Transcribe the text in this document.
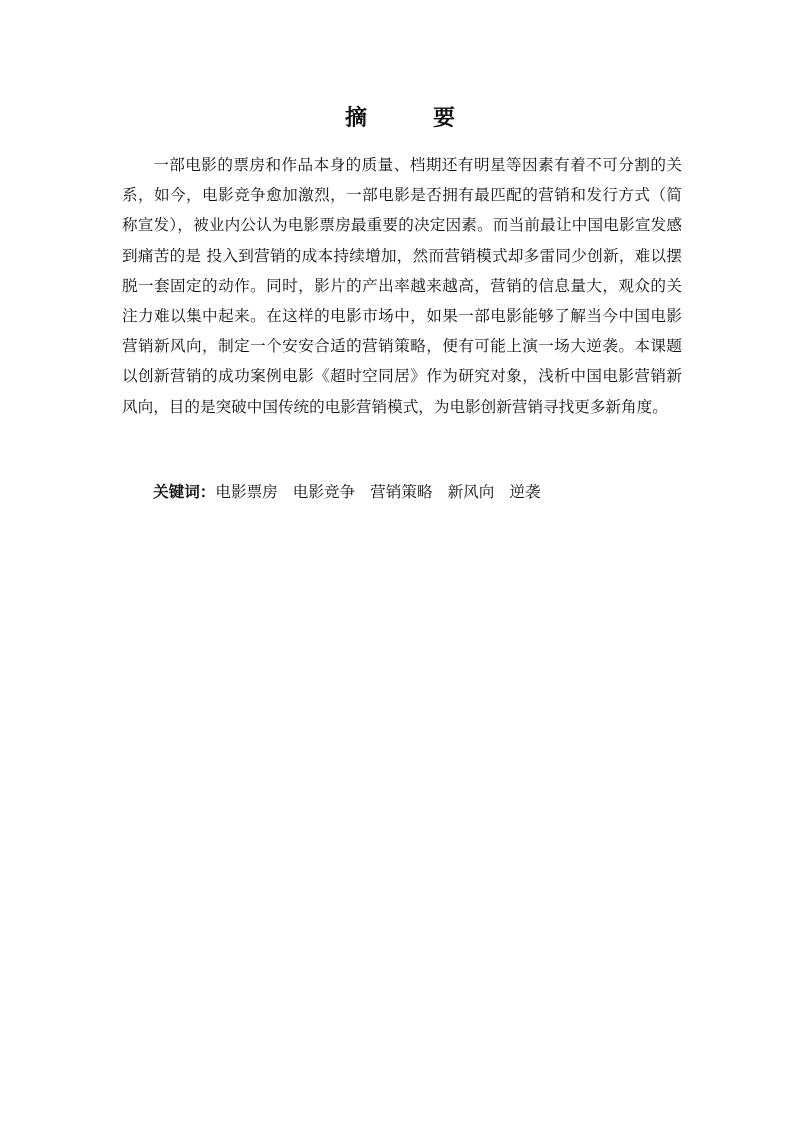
摘　要

一部电影的票房和作品本身的质量、档期还有明星等因素有着不可分割的关系，如今，电影竞争愈加激烈，一部电影是否拥有最匹配的营销和发行方式（简称宣发），被业内公认为电影票房最重要的决定因素。而当前最让中国电影宣发感到痛苦的是 投入到营销的成本持续增加，然而营销模式却多雷同少创新，难以摆脱一套固定的动作。同时，影片的产出率越来越高，营销的信息量大，观众的关注力难以集中起来。在这样的电影市场中，如果一部电影能够了解当今中国电影营销新风向，制定一个安安合适的营销策略，便有可能上演一场大逆袭。本课题以创新营销的成功案例电影《超时空同居》作为研究对象，浅析中国电影营销新风向，目的是突破中国传统的电影营销模式，为电影创新营销寻找更多新角度。

关键词：电影票房 电影竞争 营销策略 新风向 逆袭
